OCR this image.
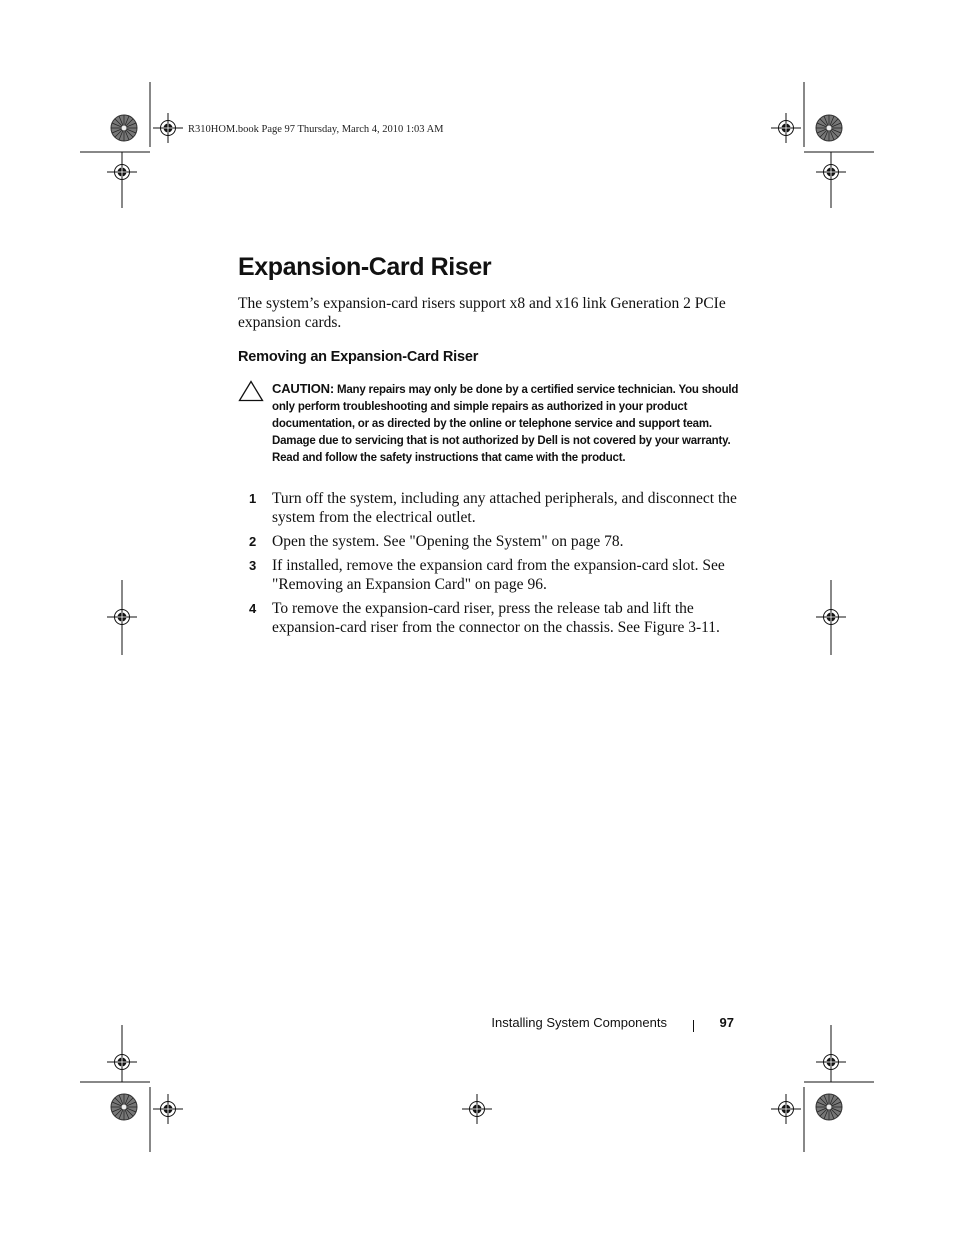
R310HOM.book Page 97 Thursday, March 4, 2010 1:03 AM
Expansion-Card Riser

The system’s expansion-card risers support x8 and x16 link Generation 2 PCIe expansion cards.

Removing an Expansion-Card Riser
CAUTION: Many repairs may only be done by a certified service technician. You should only perform troubleshooting and simple repairs as authorized in your product documentation, or as directed by the online or telephone service and support team. Damage due to servicing that is not authorized by Dell is not covered by your warranty. Read and follow the safety instructions that came with the product.
1 Turn off the system, including any attached peripherals, and disconnect the system from the electrical outlet.
2 Open the system. See "Opening the System" on page 78.
3 If installed, remove the expansion card from the expansion-card slot. See "Removing an Expansion Card" on page 96.
4 To remove the expansion-card riser, press the release tab and lift the expansion-card riser from the connector on the chassis. See Figure 3-11.
Installing System Components	97
